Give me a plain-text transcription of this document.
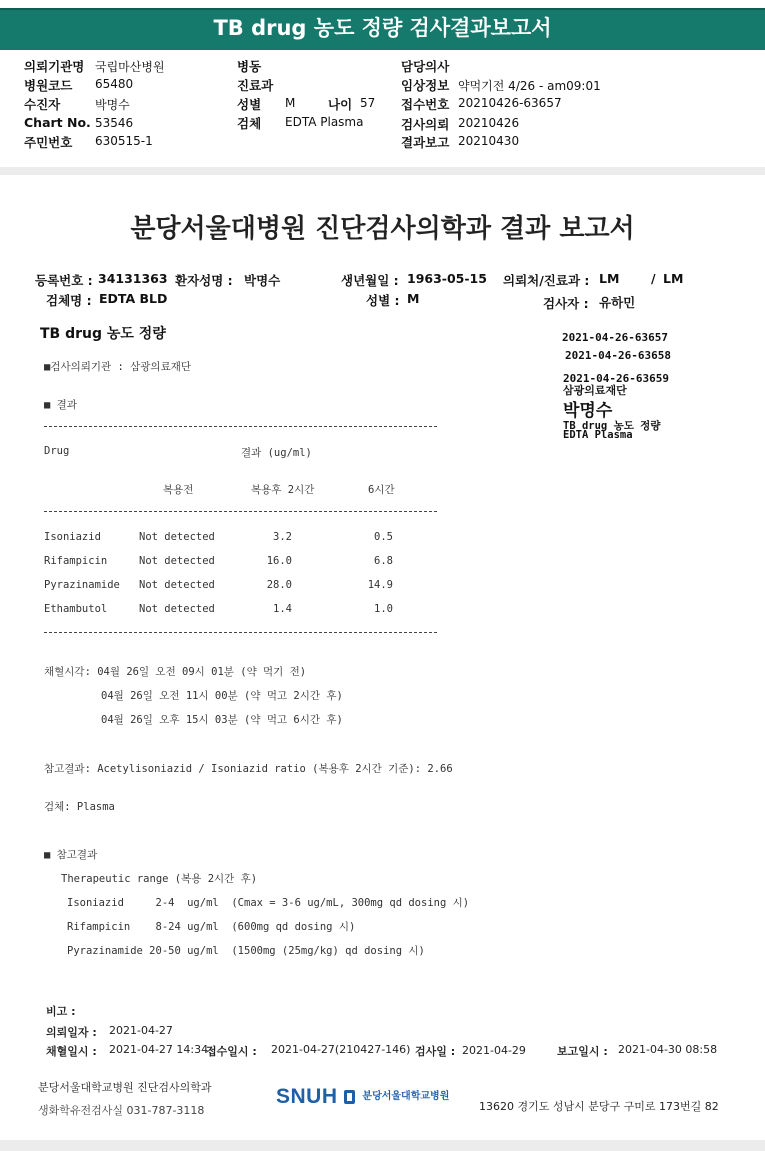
TB drug 농도 정량 검사결과보고서
의뢰기관명 국립마산병원
병원코드 65480
수진자	박명수
Chart No. 53546
주민번호 630515-1
병동
진료과
성별 M	나이 57
검체 EDTA Plasma
담당의사
임상정보 약먹기전 4/26 - am09:01
접수번호 20210426-63657
검사의뢰 20210426
결과보고 20210430
분당서울대병원 진단검사의학과 결과 보고서
등록번호 : 34131363 환자성명 : 박명수	생년월일 : 1963-05-15 의뢰처/진료과 : LM	/ LM
검체명 : EDTA BLD	성별 : M	검사자 : 유하민
TB drug 농도 정량	2021-04-26-63657
2021-04-26-63658
2021-04-26-63659
삼광의료재단
박명수
TB drug 농도 정량
EDTA Plasma
■검사의뢰기관 : 삼광의료재단
■ 결과
Drug	결과 (ug/ml)
복용전	복용후 2시간	6시간
Isoniazid	Not detected	3.2	0.5
Rifampicin	Not detected	16.0	6.8
Pyrazinamide Not detected	28.0	14.9
Ethambutol	Not detected	1.4	1.0
채혈시각: 04월 26일 오전 09시 01분 (약 먹기 전)
04월 26일 오전 11시 00분 (약 먹고 2시간 후)
04월 26일 오후 15시 03분 (약 먹고 6시간 후)
참고결과: Acetylisoniazid / Isoniazid ratio (복용후 2시간 기준): 2.66
검체: Plasma
■ 참고결과
Therapeutic range (복용 2시간 후)
Isoniazid     2-4  ug/ml  (Cmax = 3-6 ug/mL, 300mg qd dosing 시)
Rifampicin    8-24 ug/ml  (600mg qd dosing 시)
Pyrazinamide 20-50 ug/ml  (1500mg (25mg/kg) qd dosing 시)
비고 :
의뢰일자 : 2021-04-27
채혈일시 : 2021-04-27 14:34
접수일시 : 2021-04-27(210427-146) 검사일 : 2021-04-29	보고일시 : 2021-04-30 08:58
분당서울대학교병원 진단검사의학과
생화학유전검사실 031-787-3118
SNUH $^{분당서울대학교병원}$
13620 경기도 성남시 분당구 구미로 173번길 82
